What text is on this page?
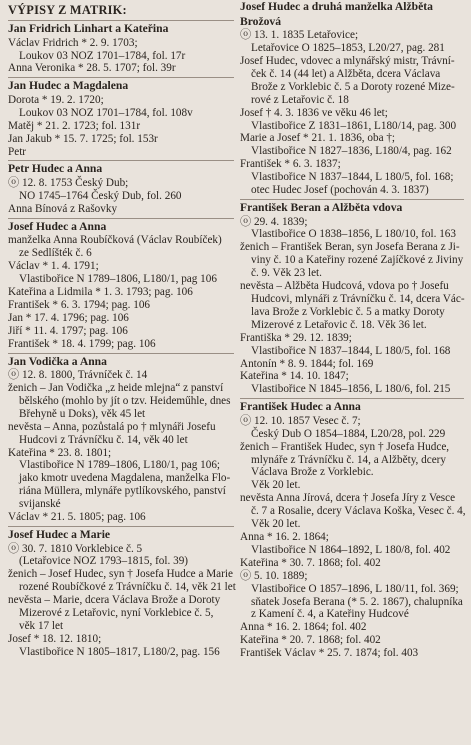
VÝPISY Z MATRIK:
Jan Fridrich Linhart a Kateřina
Václav Fridrich * 2. 9. 1703;
Loukov 03 NOZ 1701–1784, fol. 17r
Anna Veronika * 28. 5. 1707; fol. 39r
Jan Hudec a Magdalena
Dorota * 19. 2. 1720;
Loukov 03 NOZ 1701–1784, fol. 108v
Matěj * 21. 2. 1723; fol. 131r
Jan Jakub * 15. 7. 1725; fol. 153r
Petr
Petr Hudec a Anna
ⓞ 12. 8. 1753 Český Dub;
NO 1745–1764 Český Dub, fol. 260
Anna Bínová z Rašovky
Josef Hudec a Anna
manželka Anna Roubíčková (Václav Roubíček)
ze Sedlíšték č. 6
Václav * 1. 4. 1791;
Vlastibořice N 1789–1806, L180/1, pag 106
Kateřina a Lidmila * 1. 3. 1793; pag. 106
František * 6. 3. 1794; pag. 106
Jan * 17. 4. 1796; pag. 106
Jiří * 11. 4. 1797; pag. 106
František * 18. 4. 1799; pag. 106
Jan Vodička a Anna
ⓞ 12. 8. 1800, Trávníček č. 14
ženich – Jan Vodička „z heide mlejna“ z panství
bělského (mohlo by jít o tzv. Heideműhle, dnes
Břehyně u Doks), věk 45 let
nevěsta – Anna, pozůstalá po † mlynáři Josefu
Hudcovi z Trávníčku č. 14, věk 40 let
Kateřina * 23. 8. 1801;
Vlastibořice N 1789–1806, L180/1, pag 106;
jako kmotr uvedena Magdalena, manželka Flo-
riána Müllera, mlynáře pytlíkovského, panství
svijanské
Václav * 21. 5. 1805; pag. 106
Josef Hudec a Marie
ⓞ 30. 7. 1810 Vorklebice č. 5
(Letařovice NOZ 1793–1815, fol. 39)
ženich – Josef Hudec, syn † Josefa Hudce a Marie
rozené Roubíčkové z Trávníčku č. 14, věk 21 let
nevěsta – Marie, dcera Václava Brože a Doroty
Mizerové z Letařovic, nyní Vorklebice č. 5,
věk 17 let
Josef * 18. 12. 1810;
Vlastibořice N 1805–1817, L180/2, pag. 156
Josef Hudec a druhá manželka Alžběta Brožová
ⓞ 13. 1. 1835 Letařovice;
Letařovice O 1825–1853, L20/27, pag. 281
Josef Hudec, vdovec a mlynářský mistr, Trávní-
ček č. 14 (44 let) a Alžběta, dcera Václava
Brože z Vorklebic č. 5 a Doroty rozené Mize-
rové z Letařovic č. 18
Josef † 4. 3. 1836 ve věku 46 let;
Vlastibořice Z 1831–1861, L180/14, pag. 300
Marie a Josef * 21. 1. 1836, oba †;
Vlastibořice N 1827–1836, L180/4, pag. 162
František * 6. 3. 1837;
Vlastibořice N 1837–1844, L 180/5, fol. 168;
otec Hudec Josef (pochován 4. 3. 1837)
František Beran a Alžběta vdova
ⓞ 29. 4. 1839;
Vlastibořice O 1838–1856, L 180/10, fol. 163
ženich – František Beran, syn Josefa Berana z Ji-
viny č. 10 a Kateřiny rozené Zajíčkové z Jiviny
č. 9. Věk 23 let.
nevěsta – Alžběta Hudcová, vdova po † Josefu
Hudcovi, mlynáři z Trávníčku č. 14, dcera Vác-
lava Brože z Vorklebic č. 5 a matky Doroty
Mizerové z Letařovic č. 18. Věk 36 let.
Františka * 29. 12. 1839;
Vlastibořice N 1837–1844, L 180/5, fol. 168
Antonín * 8. 9. 1844; fol. 169
Kateřina * 14. 10. 1847;
Vlastibořice N 1845–1856, L 180/6, fol. 215
František Hudec a Anna
ⓞ 12. 10. 1857 Vesec č. 7;
Český Dub O 1854–1884, L20/28, pol. 229
ženich – František Hudec, syn † Josefa Hudce,
mlynáře z Trávníčku č. 14, a Alžběty, dcery
Václava Brože z Vorklebic.
Věk 20 let.
nevěsta Anna Jírová, dcera † Josefa Jíry z Vesce
č. 7 a Rosalie, dcery Václava Koška, Vesec č. 4,
Věk 20 let.
Anna * 16. 2. 1864;
Vlastibořice N 1864–1892, L 180/8, fol. 402
Kateřina * 30. 7. 1868; fol. 402
ⓞ 5. 10. 1889;
Vlastibořice O 1857–1896, L 180/11, fol. 369;
sňatek Josefa Berana (* 5. 2. 1867), chalupníka
z Kamení č. 4, a Kateřiny Hudcové
Anna * 16. 2. 1864; fol. 402
Kateřina * 20. 7. 1868; fol. 402
František Václav * 25. 7. 1874; fol. 403
